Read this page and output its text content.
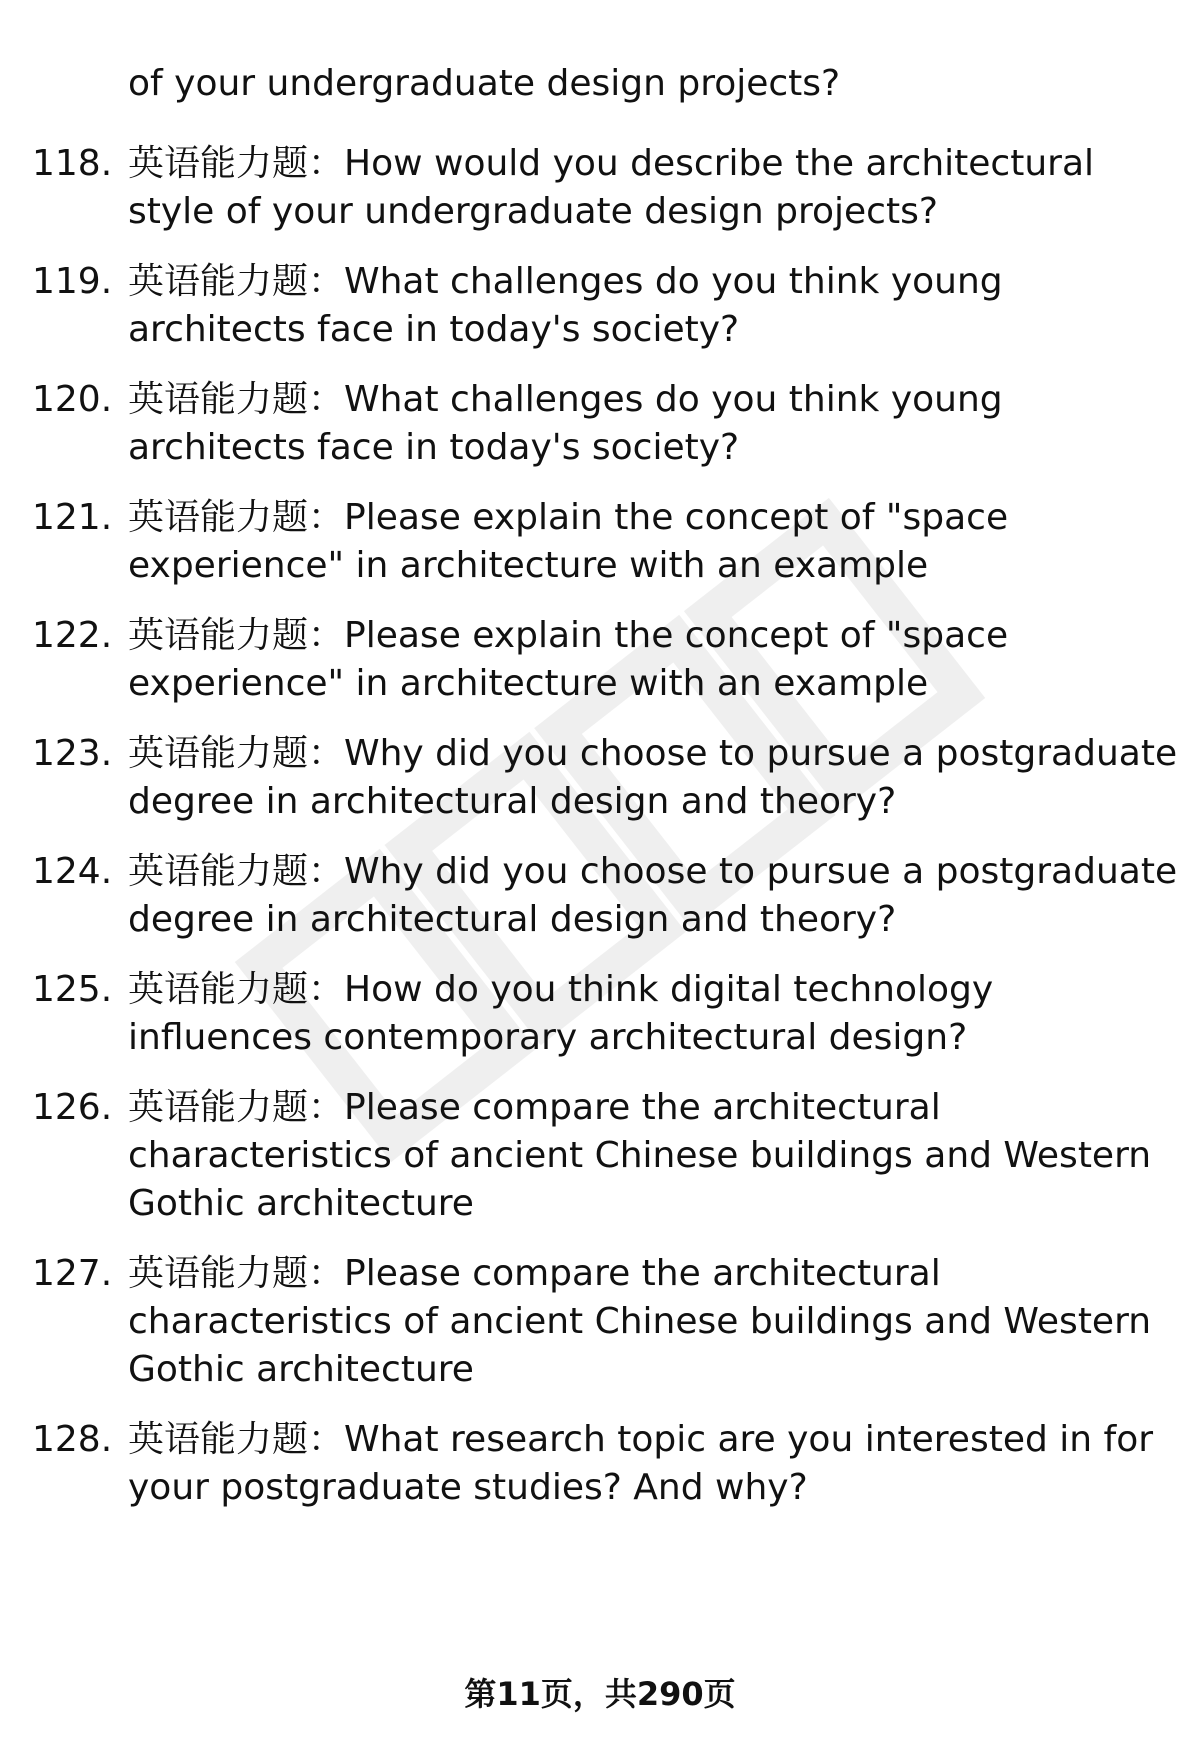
of your undergraduate design projects?
118. 英语能力题：How would you describe the architectural style of your undergraduate design projects?
119. 英语能力题：What challenges do you think young architects face in today's society?
120. 英语能力题：What challenges do you think young architects face in today's society?
121. 英语能力题：Please explain the concept of "space experience" in architecture with an example
122. 英语能力题：Please explain the concept of "space experience" in architecture with an example
123. 英语能力题：Why did you choose to pursue a postgraduate degree in architectural design and theory?
124. 英语能力题：Why did you choose to pursue a postgraduate degree in architectural design and theory?
125. 英语能力题：How do you think digital technology influences contemporary architectural design?
126. 英语能力题：Please compare the architectural characteristics of ancient Chinese buildings and Western Gothic architecture
127. 英语能力题：Please compare the architectural characteristics of ancient Chinese buildings and Western Gothic architecture
128. 英语能力题：What research topic are you interested in for your postgraduate studies? And why?
第11页，共290页
